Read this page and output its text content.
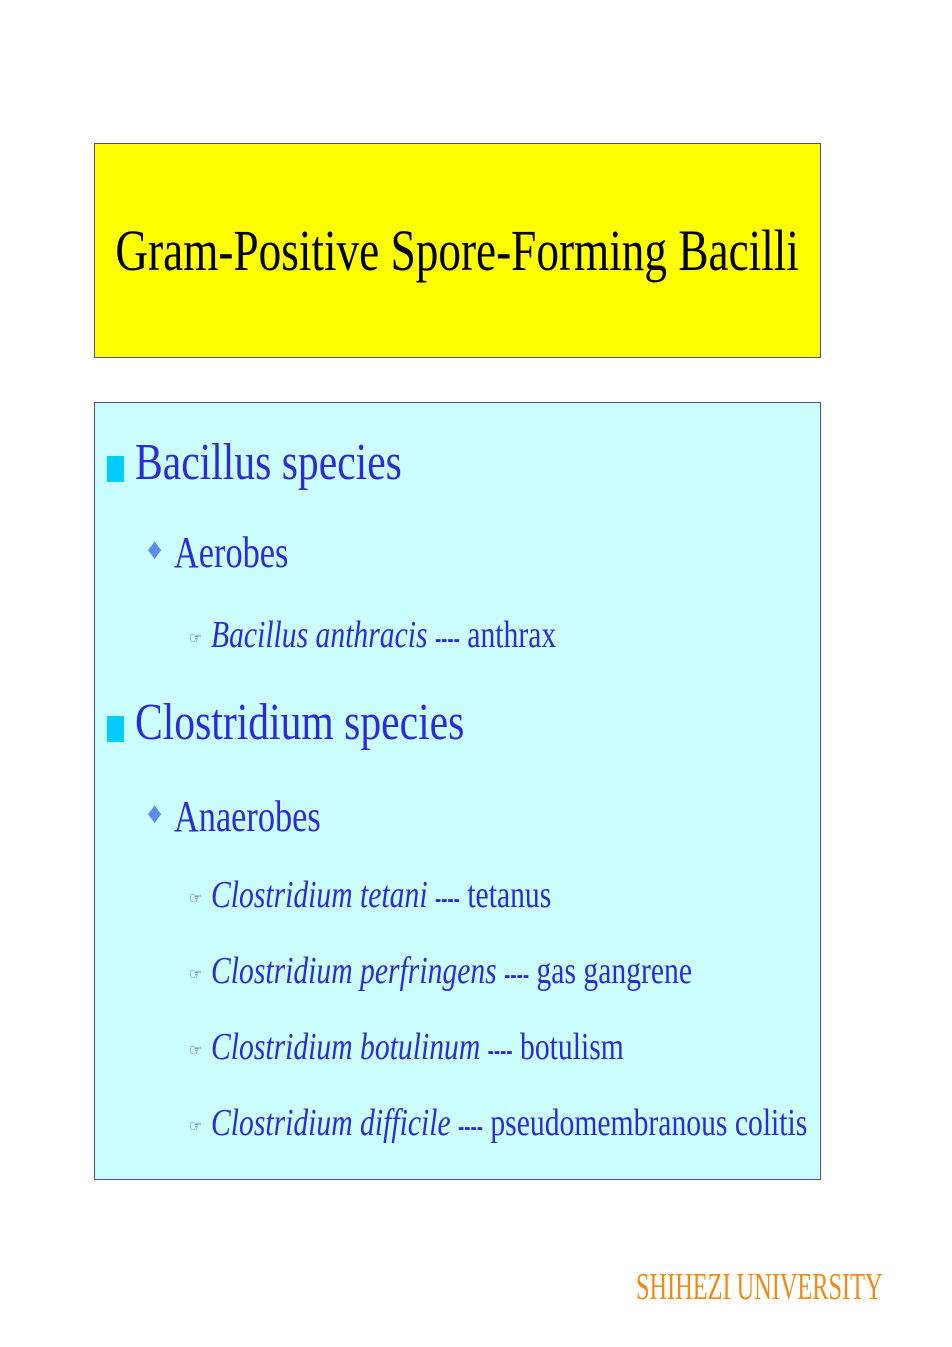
Gram-Positive Spore-Forming Bacilli
Bacillus species
♦ Aerobes
☞ Bacillus anthracis ---- anthrax
Clostridium species
♦ Anaerobes
☞ Clostridium tetani ---- tetanus
☞ Clostridium perfringens ---- gas gangrene
☞ Clostridium botulinum ---- botulism
☞ Clostridium difficile ---- pseudomembranous colitis
SHIHEZI UNIVERSITY
